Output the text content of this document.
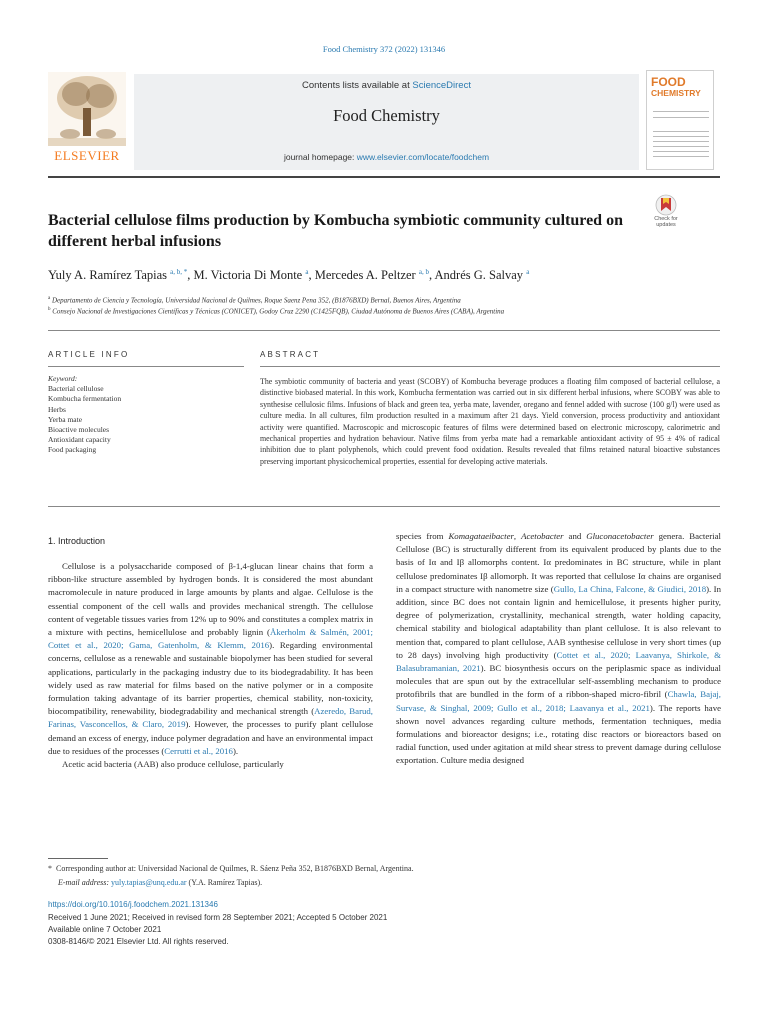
Food Chemistry 372 (2022) 131346
ELSEVIER
Contents lists available at ScienceDirect
Food Chemistry
journal homepage: www.elsevier.com/locate/foodchem
FOOD
CHEMISTRY
Bacterial cellulose films production by Kombucha symbiotic community cultured on different herbal infusions
Check for updates
Yuly A. Ramírez Tapias $^{a, b, *}$, M. Victoria Di Monte $^a$, Mercedes A. Peltzer $^{a, b}$, Andrés G. Salvay $^a$
$^a$ Departamento de Ciencia y Tecnología, Universidad Nacional de Quilmes, Roque Saenz Pena 352, (B1876BXD) Bernal, Buenos Aires, Argentina
$^b$ Consejo Nacional de Investigaciones Científicas y Técnicas (CONICET), Godoy Cruz 2290 (C1425FQB), Ciudad Autónoma de Buenos Aires (CABA), Argentina
ARTICLE INFO	ABSTRACT
Keyword:
Bacterial cellulose
Kombucha fermentation
Herbs
Yerba mate
Bioactive molecules
Antioxidant capacity
Food packaging
The symbiotic community of bacteria and yeast (SCOBY) of Kombucha beverage produces a floating film composed of bacterial cellulose, a distinctive biobased material. In this work, Kombucha fermentation was carried out in six different herbal infusions, where SCOBY was able to synthesise cellulosic films. Infusions of black and green tea, yerba mate, lavender, oregano and fennel added with sucrose (100 g/l) were used as culture media. In all cultures, film production resulted in a maximum after 21 days. Yield conversion, process productivity and antioxidant activity were quantified. Macroscopic and microscopic features of films were determined based on electronic microscopy, calorimetric and mechanical properties and hydration behaviour. Native films from yerba mate had a remarkable antioxidant activity of 95 ± 4% of radical inhibition due to plant polyphenols, which could prevent food oxidation. Results revealed that films retained natural bioactive substances preserving important physicochemical properties, essential for developing active materials.
1. Introduction

Cellulose is a polysaccharide composed of β-1,4-glucan linear chains that form a ribbon-like structure assembled by hydrogen bonds. It is considered the most abundant macromolecule in nature produced in large amounts by plants and algae. Cellulose is the essential component of the cell walls and provides mechanical strength. The cellulose content of vegetable tissues varies from 12% up to 90% and constitutes a complex matrix in a mixture with pectins, hemicellulose and probably lignin (Åkerholm & Salmén, 2001; Cottet et al., 2020; Gama, Gatenholm, & Klemm, 2016). Regarding environmental concerns, cellulose as a renewable and sustainable biopolymer has been studied for several applications, particularly in the packaging industry due to its biodegradability. It has been widely used as raw material for films based on the native polymer or in a composite formulation taking advantage of its barrier properties, chemical stability, non-toxicity, biocompatibility, renewability, biodegradability and mechanical strength (Azeredo, Barud, Farinas, Vasconcellos, & Claro, 2019). However, the processes to purify plant cellulose demand an excess of energy, induce polymer degradation and have an environmental impact due to residues of the processes (Cerrutti et al., 2016).

Acetic acid bacteria (AAB) also produce cellulose, particularly

species from Komagataeibacter, Acetobacter and Gluconacetobacter genera. Bacterial Cellulose (BC) is structurally different from its equivalent produced by plants due to the basis of Iα and Iβ allomorphs content. Iα predominates in BC structure, while in plant cellulose predominates Iβ allomorph. It was reported that cellulose Iα chains are organised in a compact structure with nanometre size (Gullo, La China, Falcone, & Giudici, 2018). In addition, since BC does not contain lignin and hemicellulose, it presents higher purity, degree of polymerization, crystallinity, mechanical strength, water holding capacity, chemical stability and biological adaptability than plant cellulose. It is also relevant to mention that, compared to plant cellulose, AAB synthesise cellulose in very short times (up to 28 days) involving high productivity (Cottet et al., 2020; Laavanya, Shirkole, & Balasubramanian, 2021). BC biosynthesis occurs on the periplasmic space as individual molecules that are spun out by the extracellular self-assembling mechanism to produce protofibrils that are bundled in the form of a ribbon-shaped micro-fibril (Chawla, Bajaj, Survase, & Singhal, 2009; Gullo et al., 2018; Laavanya et al., 2021). The reports have shown novel advances regarding culture methods, fermentation techniques, media formulations and bioreactor designs; i.e., rotating disc reactors or bioreactors based on radial function, used under agitation at mild shear stress to prevent damage during cellulose exportation. Culture media designed
* Corresponding author at: Universidad Nacional de Quilmes, R. Sáenz Peña 352, B1876BXD Bernal, Argentina.
E-mail address: yuly.tapias@unq.edu.ar (Y.A. Ramírez Tapias).
https://doi.org/10.1016/j.foodchem.2021.131346
Received 1 June 2021; Received in revised form 28 September 2021; Accepted 5 October 2021
Available online 7 October 2021
0308-8146/© 2021 Elsevier Ltd. All rights reserved.
